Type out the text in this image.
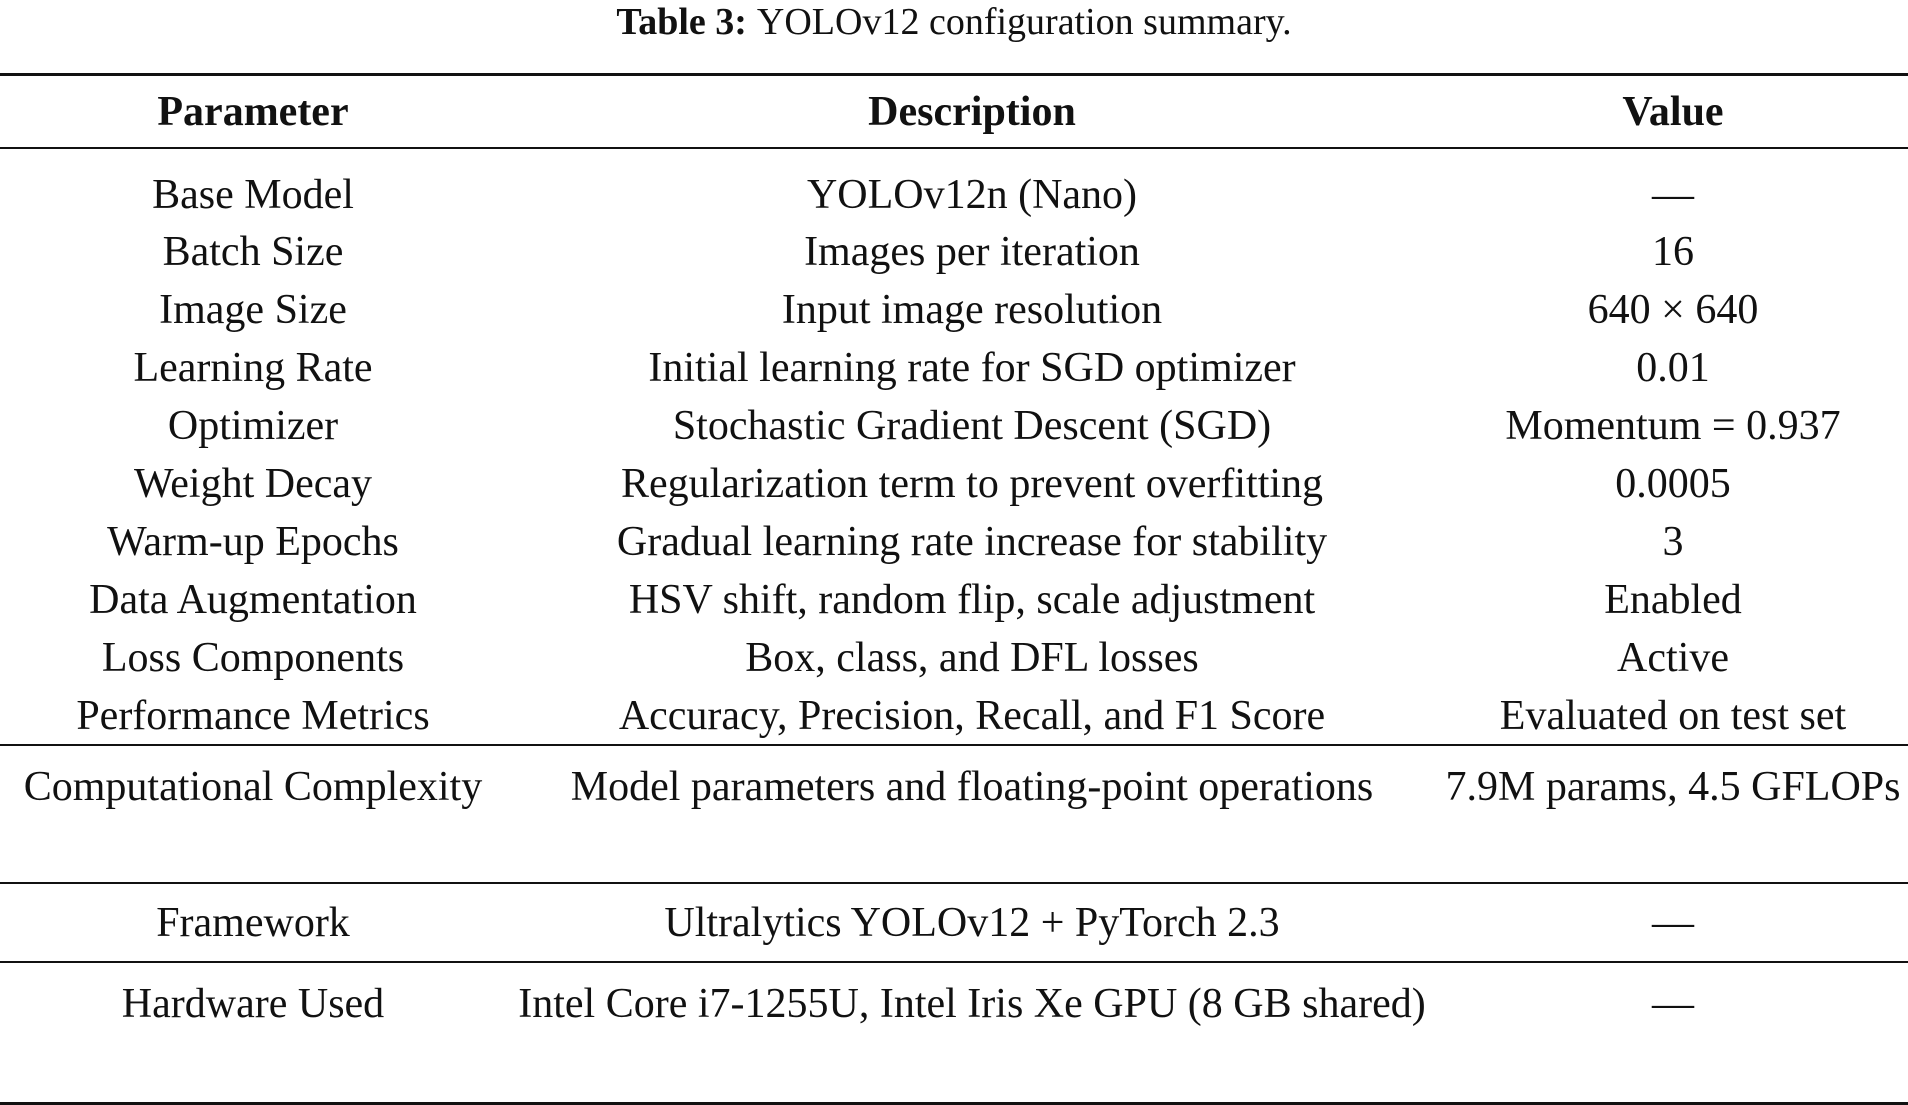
Table 3: YOLOv12 configuration summary.
Parameter	Description	Value
Base Model	YOLOv12n (Nano)	—
Batch Size	Images per iteration	16
Image Size	Input image resolution	640 × 640
Learning Rate	Initial learning rate for SGD optimizer	0.01
Optimizer	Stochastic Gradient Descent (SGD)	Momentum = 0.937
Weight Decay	Regularization term to prevent overfitting	0.0005
Warm-up Epochs	Gradual learning rate increase for stability	3
Data Augmentation	HSV shift, random flip, scale adjustment	Enabled
Loss Components	Box, class, and DFL losses	Active
Performance Metrics	Accuracy, Precision, Recall, and F1 Score	Evaluated on test set
Computational Complexity	Model parameters and floating-point operations	7.9M params, 4.5 GFLOPs
Framework	Ultralytics YOLOv12 + PyTorch 2.3	—
Hardware Used	Intel Core i7-1255U, Intel Iris Xe GPU (8 GB shared)	—
